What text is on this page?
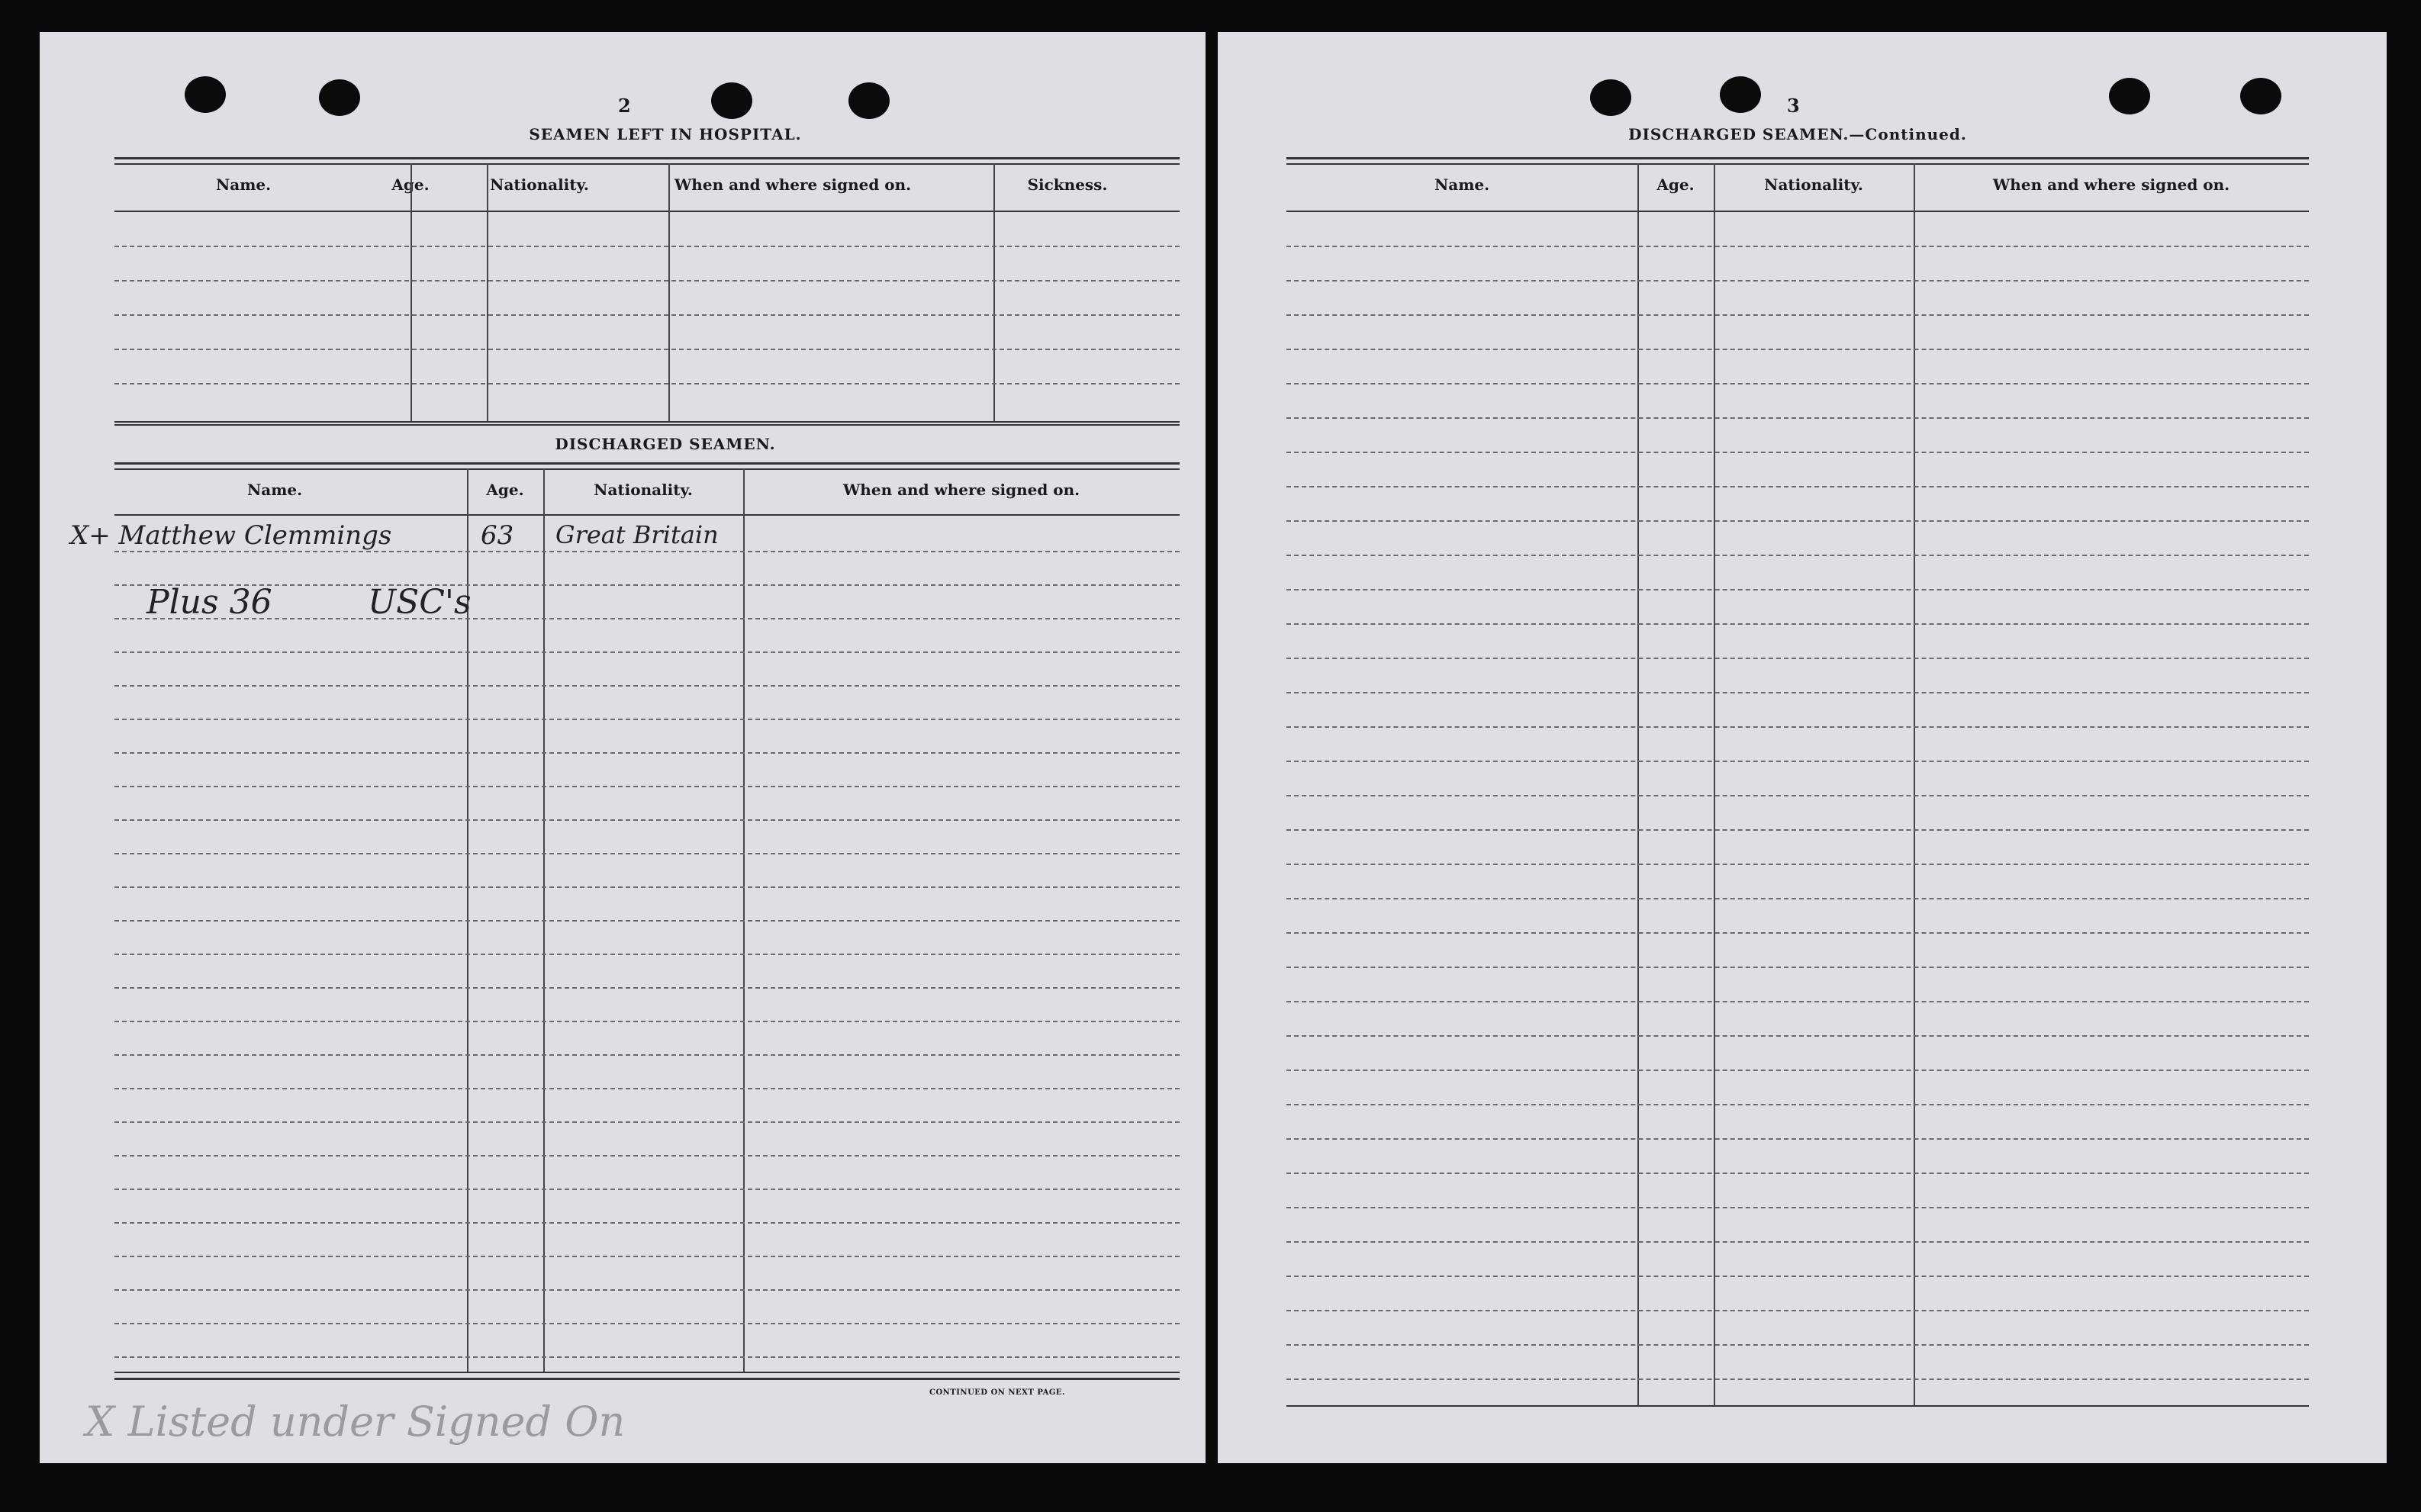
2
SEAMEN LEFT IN HOSPITAL.
Name.	Age.	Nationality.	When and where signed on.	Sickness.
DISCHARGED SEAMEN.
Name.	Age.	Nationality.	When and where signed on.
X+ Matthew Clemmings	63 Great Britain
Plus 36	USC's
CONTINUED ON NEXT PAGE.
X Listed under Signed On
3
DISCHARGED SEAMEN.—Continued.
Name.	Age.	Nationality.	When and where signed on.
